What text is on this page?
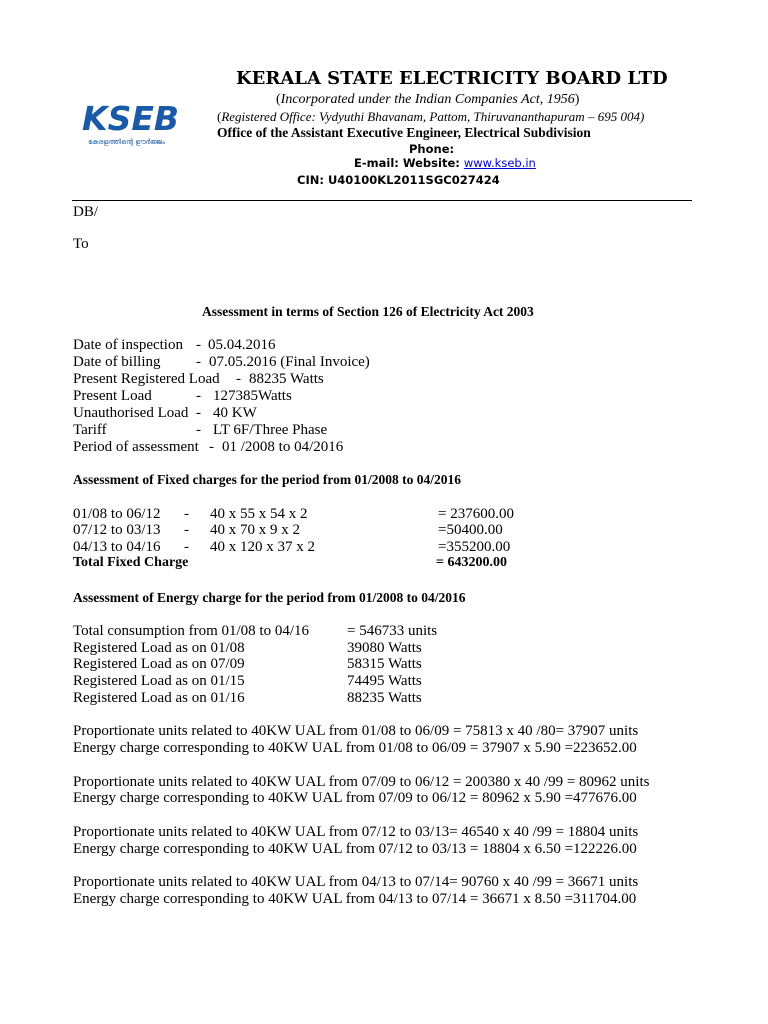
KSEB
കേരളത്തിന്റെ ഊർജ്ജം
KERALA STATE ELECTRICITY BOARD LTD
(Incorporated under the Indian Companies Act, 1956)
(Registered Office: Vydyuthi Bhavanam, Pattom, Thiruvananthapuram – 695 004)
Office of the Assistant Executive Engineer, Electrical Subdivision
Phone:
E-mail: Website: www.kseb.in
CIN: U40100KL2011SGC027424
DB/
To
Assessment in terms of Section 126 of Electricity Act 2003
Date of inspection - 05.04.2016
Date of billing - 07.05.2016 (Final Invoice)
Present Registered Load - 88235 Watts
Present Load	- 127385Watts
Unauthorised Load - 40 KW
Tariff	- LT 6F/Three Phase
Period of assessment - 01 /2008 to 04/2016
Assessment of Fixed charges for the period from 01/2008 to 04/2016
01/08 to 06/12 - 40 x 55 x 54 x 2	= 237600.00
07/12 to 03/13 - 40 x 70 x 9 x 2	=50400.00
04/13 to 04/16 - 40 x 120 x 37 x 2	=355200.00
Total Fixed Charge	= 643200.00
Assessment of Energy charge for the period from 01/2008 to 04/2016
Total consumption from 01/08 to 04/16	= 546733 units
Registered Load as on 01/08	39080 Watts
Registered Load as on 07/09	58315 Watts
Registered Load as on 01/15	74495 Watts
Registered Load as on 01/16	88235 Watts
Proportionate units related to 40KW UAL from 01/08 to 06/09 = 75813 x 40 /80= 37907 units
Energy charge corresponding to 40KW UAL from 01/08 to 06/09 = 37907 x 5.90 =223652.00
Proportionate units related to 40KW UAL from 07/09 to 06/12 = 200380 x 40 /99 = 80962 units
Energy charge corresponding to 40KW UAL from 07/09 to 06/12 = 80962 x 5.90 =477676.00
Proportionate units related to 40KW UAL from 07/12 to 03/13= 46540 x 40 /99 = 18804 units
Energy charge corresponding to 40KW UAL from 07/12 to 03/13 = 18804 x 6.50 =122226.00
Proportionate units related to 40KW UAL from 04/13 to 07/14= 90760 x 40 /99 = 36671 units
Energy charge corresponding to 40KW UAL from 04/13 to 07/14 = 36671 x 8.50 =311704.00
